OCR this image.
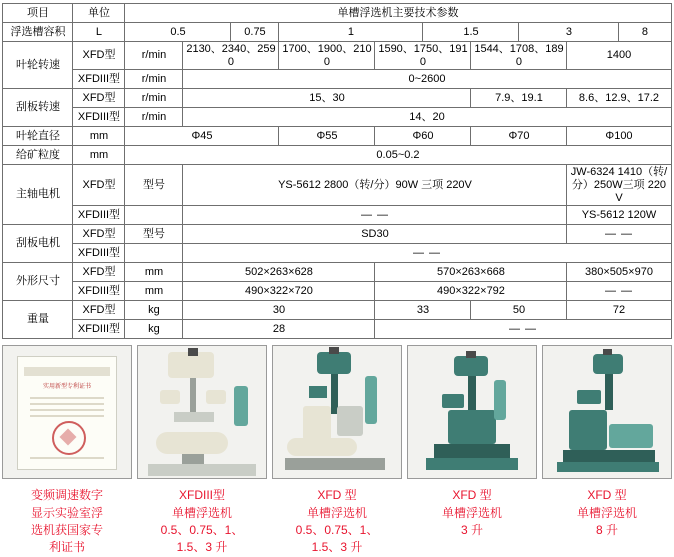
项目	单位	单槽浮选机主要技术参数									
浮选槽容积	L	0.5		0.75	1		1.5		3		8
叶轮转速	XFD型	r/min	2130、2340、2590		1700、1900、2100	1590、1750、1910		1544、1708、1890		1400	
	XFDIII型	r/min	0~2600								
刮板转速	XFD型	r/min	15、30					7.9、19.1		8.6、12.9、17.2	
	XFDIII型	r/min	14、20								
叶轮直径	mm	Φ45			Φ55	Φ60		Φ70		Φ100	
给矿粒度	mm	0.05~0.2									
主轴电机	XFD型	型号	YS-5612 2800（转/分）90W 三项 220V							JW-6324 1410（转/分）250W三项 220V	
	XFDIII型		— —							YS-5612 120W	
刮板电机	XFD型	型号	SD30							— —	
	XFDIII型		— —								
外形尺寸	XFD型	mm	502×263×628			570×263×668				380×505×970	
	XFDIII型	mm	490×322×720			490×322×792				— —	
重量	XFD型	kg	30			33		50		72	
	XFDIII型	kg	28			— —					
实用新型专利证书
变频调速数字
显示实验室浮
选机获国家专
利证书
XFDIII型
单槽浮选机
0.5、0.75、1、
1.5、3 升
XFD 型
单槽浮选机
0.5、0.75、1、
1.5、3 升
XFD 型
单槽浮选机
3 升
XFD 型
单槽浮选机
8 升
